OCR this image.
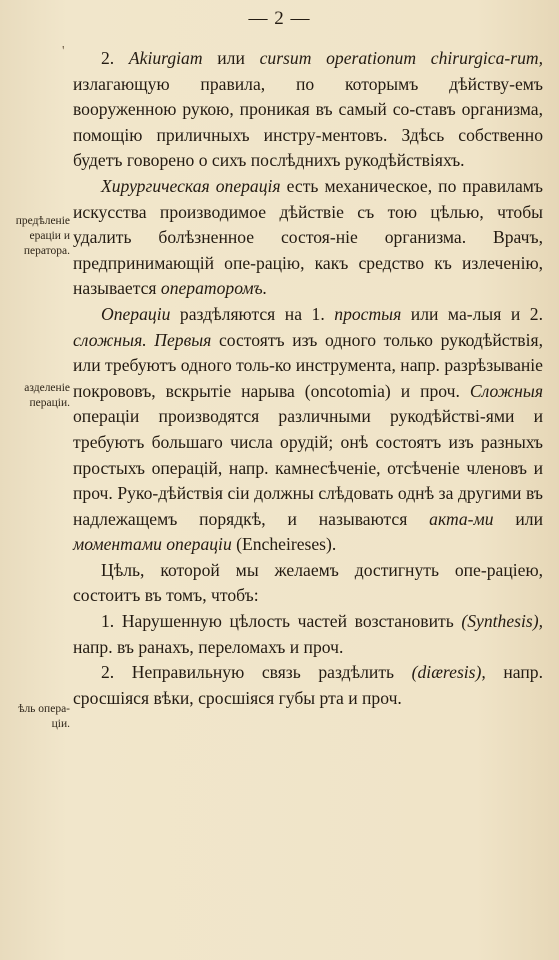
— 2 —
'
предѣленіе
ераціи и
ператора.
азделеніе
пераціи.
ѣль опера-
ціи.

2. Akiurgiam или cursum operationum chirurgica-rum, излагающую правила, по которымъ дѣйству-емъ вооруженною рукою, проникая въ самый со-ставъ организма, помощію приличныхъ инстру-ментовъ. Здѣсь собственно будетъ говорено о сихъ послѣднихъ рукодѣйствіяхъ.

Хирургическая операція есть механическое, по правиламъ искусства производимое дѣйствіе съ тою цѣлью, чтобы удалить болѣзненное состоя-ніе организма. Врачъ, предпринимающій опе-рацію, какъ средство къ излеченію, называется операторомъ.

Операціи раздѣляются на 1. простыя или ма-лыя и 2. сложныя. Первыя состоятъ изъ одного только рукодѣйствія, или требуютъ одного толь-ко инструмента, напр. разрѣзываніе покрововъ, вскрытіе нарыва (oncotomia) и проч. Сложныя операціи производятся различными рукодѣйстві-ями и требуютъ большаго числа орудій; онѣ состоятъ изъ разныхъ простыхъ операцій, напр. камнесѣченіе, отсѣченіе членовъ и проч. Руко-дѣйствія сіи должны слѣдовать однѣ за другими въ надлежащемъ порядкѣ, и называются акта-ми или моментами операціи (Encheireses).

Цѣль, которой мы желаемъ достигнуть опе-раціею, состоитъ въ томъ, чтобъ:

1. Нарушенную цѣлость частей возстановить (Synthesis), напр. въ ранахъ, переломахъ и проч.

2. Неправильную связь раздѣлить (diæresis), напр. сросшіяся вѣки, сросшіяся губы рта и проч.
